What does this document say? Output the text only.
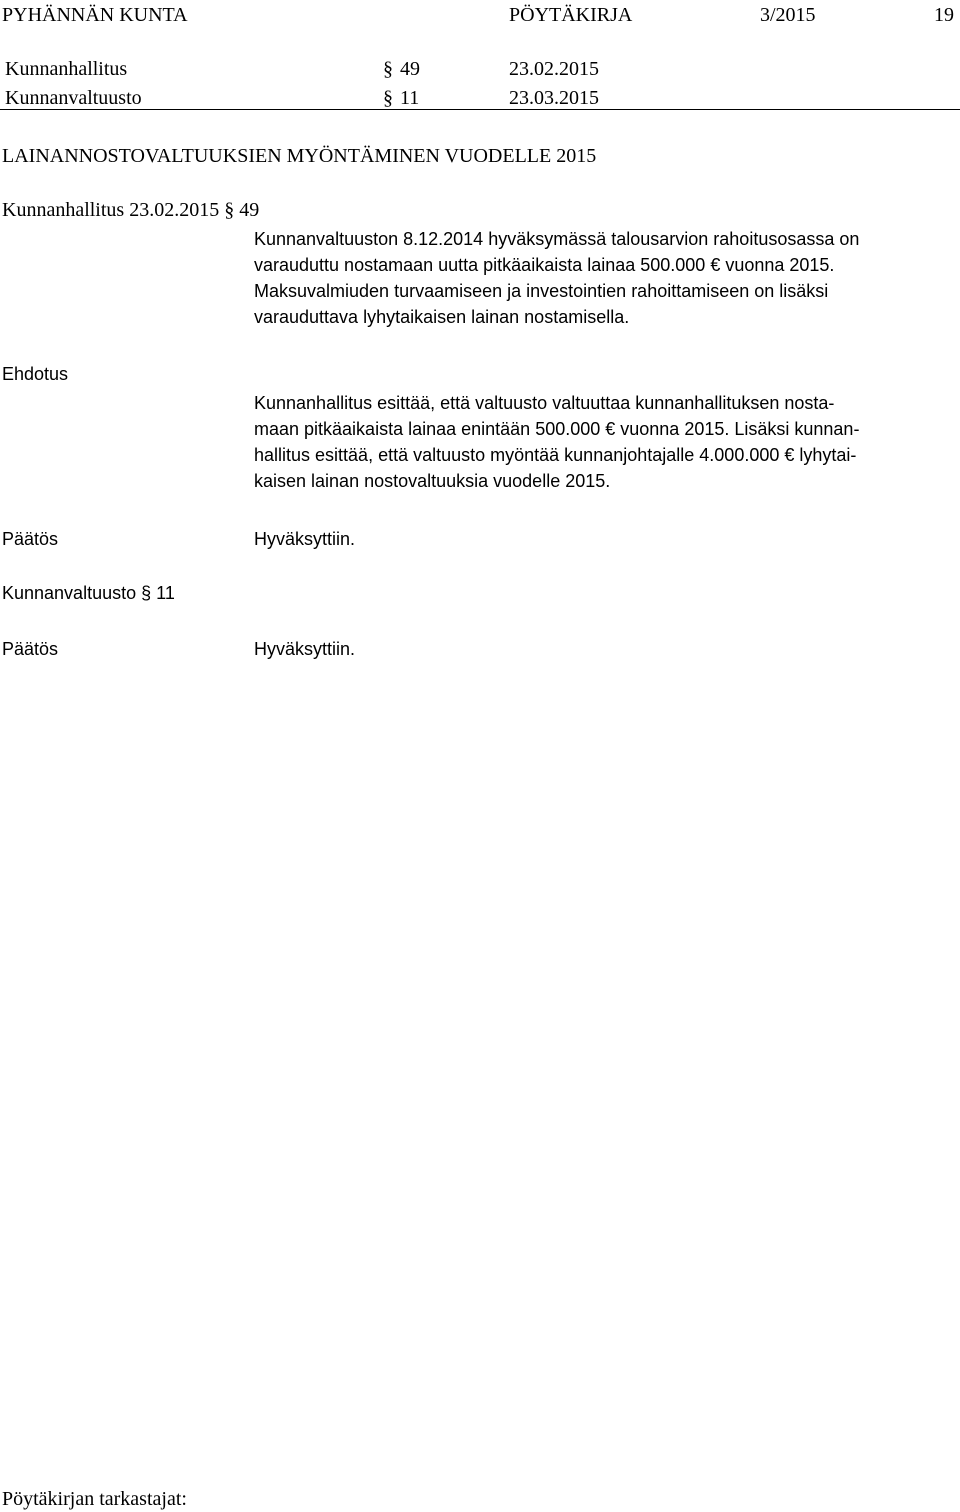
PYHÄNNÄN KUNTA	PÖYTÄKIRJA	3/2015	19
Kunnanhallitus	§ 49	23.02.2015
Kunnanvaltuusto	§ 11	23.03.2015
LAINANNOSTOVALTUUKSIEN MYÖNTÄMINEN VUODELLE 2015
Kunnanhallitus 23.02.2015 § 49
Kunnanvaltuuston 8.12.2014 hyväksymässä talousarvion rahoitusosassa on
varauduttu nostamaan uutta pitkäaikaista lainaa 500.000 € vuonna 2015.
Maksuvalmiuden turvaamiseen ja investointien rahoittamiseen on lisäksi
varauduttava lyhytaikaisen lainan nostamisella.
Ehdotus
Kunnanhallitus esittää, että valtuusto valtuuttaa kunnanhallituksen nosta-
maan pitkäaikaista lainaa enintään 500.000 € vuonna 2015. Lisäksi kunnan-
hallitus esittää, että valtuusto myöntää kunnanjohtajalle 4.000.000 € lyhytai-
kaisen lainan nostovaltuuksia vuodelle 2015.
Päätös	Hyväksyttiin.
Kunnanvaltuusto § 11
Päätös	Hyväksyttiin.
Pöytäkirjan tarkastajat:
